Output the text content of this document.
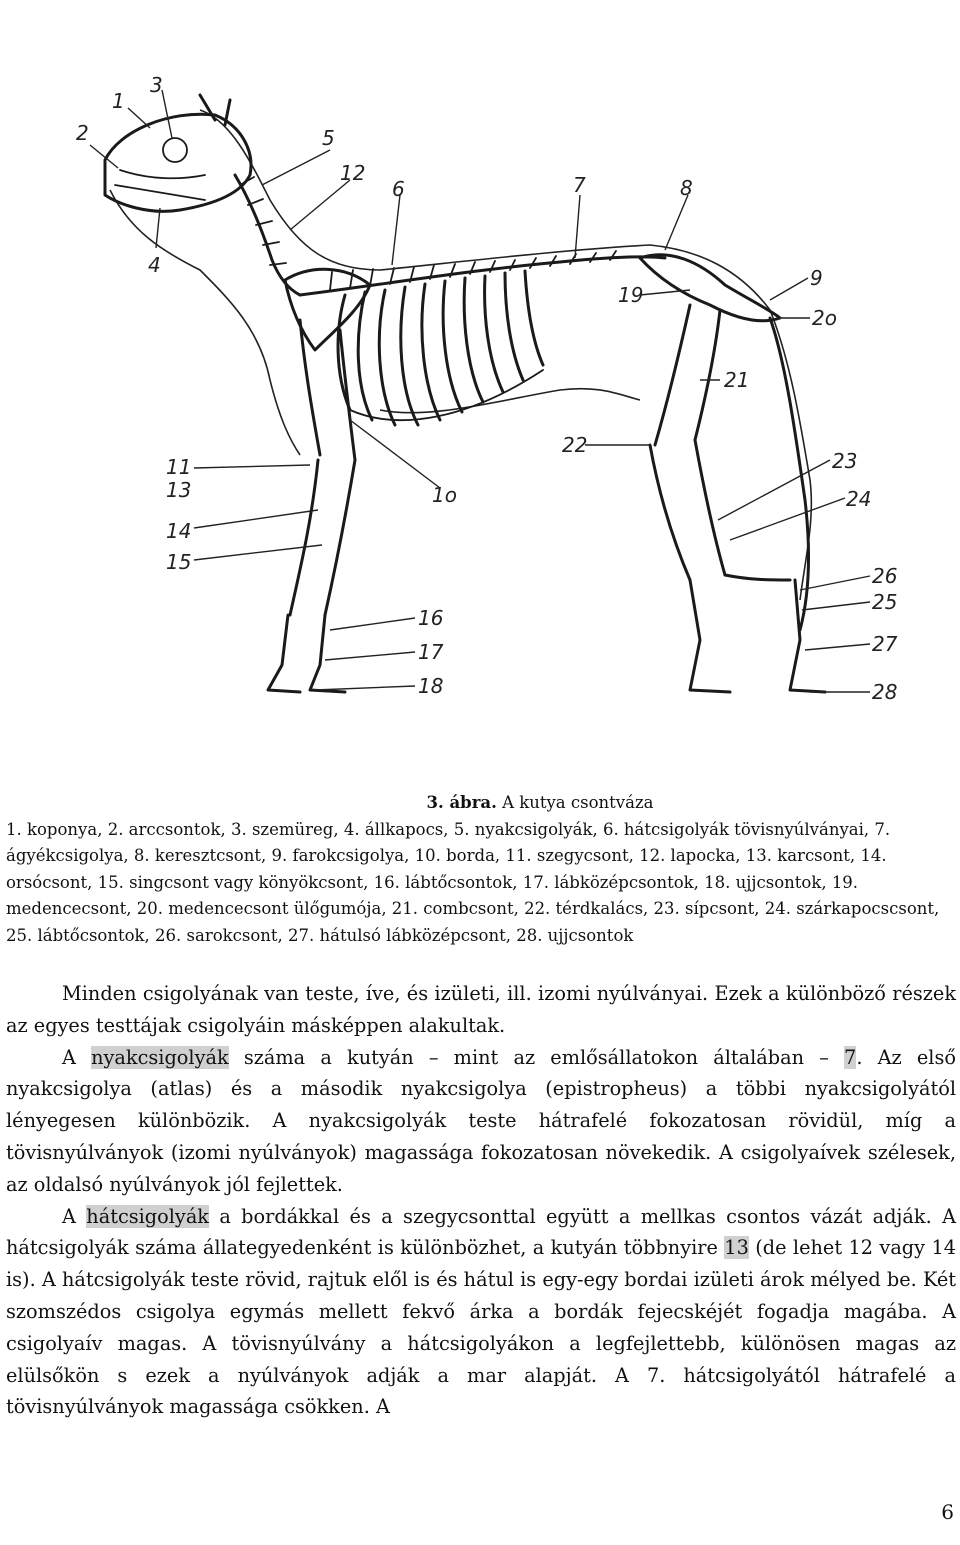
1
2
3
4
5
6	7	8
9
2o
12
19
21
22
23
24
11
13
14
15
1o
16
17
18
26
25
27
28
3. ábra. A kutya csontváza
1. koponya, 2. arccsontok, 3. szemüreg, 4. állkapocs, 5. nyakcsigolyák, 6. hátcsigolyák tövisnyúlványai, 7. ágyékcsigolya, 8. keresztcsont, 9. farokcsigolya, 10. borda, 11. szegycsont, 12. lapocka, 13. karcsont, 14. orsócsont, 15. singcsont vagy könyökcsont, 16. lábtőcsontok, 17. lábközépcsontok, 18. ujjcsontok, 19. medencecsont, 20. medencecsont ülőgumója, 21. combcsont, 22. térdkalács, 23. sípcsont, 24. szárkapocscsont, 25. lábtőcsontok, 26. sarokcsont, 27. hátulsó lábközépcsont, 28. ujjcsontok

Minden csigolyának van teste, íve, és izületi, ill. izomi nyúlványai. Ezek a különböző részek az egyes testtájak csigolyáin másképpen alakultak.

A nyakcsigolyák száma a kutyán – mint az emlősállatokon általában – 7. Az első nyakcsigolya (atlas) és a második nyakcsigolya (epistropheus) a többi nyakcsigolyától lényegesen különbözik. A nyakcsigolyák teste hátrafelé fokozatosan rövidül, míg a tövisnyúlványok (izomi nyúlványok) magassága fokozatosan növekedik. A csigolyaívek szélesek, az oldalsó nyúlványok jól fejlettek.

A hátcsigolyák a bordákkal és a szegycsonttal együtt a mellkas csontos vázát adják. A hátcsigolyák száma állategyedenként is különbözhet, a kutyán többnyire 13 (de lehet 12 vagy 14 is). A hátcsigolyák teste rövid, rajtuk elől is és hátul is egy-egy bordai izületi árok mélyed be. Két szomszédos csigolya egymás mellett fekvő árka a bordák fejecskéjét fogadja magába. A csigolyaív magas. A tövisnyúlvány a hátcsigolyákon a legfejlettebb, különösen magas az elülsőkön s ezek a nyúlványok adják a mar alapját. A 7. hátcsigolyától hátrafelé a tövisnyúlványok magassága csökken. A

6
